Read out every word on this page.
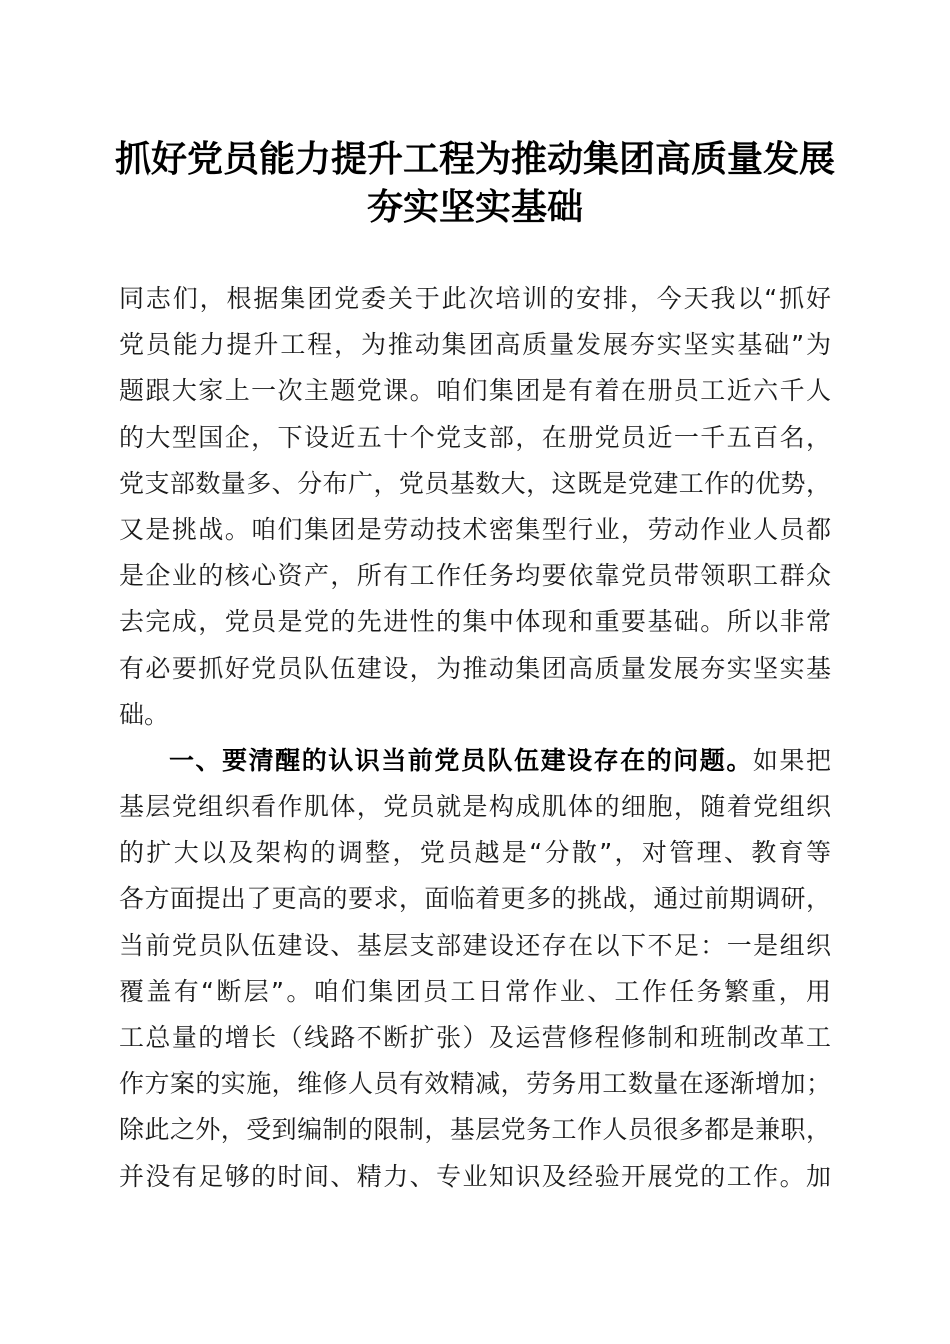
抓好党员能力提升工程为推动集团高质量发展
夯实坚实基础
同志们，根据集团党委关于此次培训的安排，今天我以“抓好
党员能力提升工程，为推动集团高质量发展夯实坚实基础”为
题跟大家上一次主题党课。咱们集团是有着在册员工近六千人
的大型国企，下设近五十个党支部，在册党员近一千五百名，
党支部数量多、分布广，党员基数大，这既是党建工作的优势，
又是挑战。咱们集团是劳动技术密集型行业，劳动作业人员都
是企业的核心资产，所有工作任务均要依靠党员带领职工群众
去完成，党员是党的先进性的集中体现和重要基础。所以非常
有必要抓好党员队伍建设，为推动集团高质量发展夯实坚实基
础。
一、要清醒的认识当前党员队伍建设存在的问题。如果把
基层党组织看作肌体，党员就是构成肌体的细胞，随着党组织
的扩大以及架构的调整，党员越是“分散”，对管理、教育等
各方面提出了更高的要求，面临着更多的挑战，通过前期调研，
当前党员队伍建设、基层支部建设还存在以下不足：一是组织
覆盖有“断层”。咱们集团员工日常作业、工作任务繁重，用
工总量的增长（线路不断扩张）及运营修程修制和班制改革工
作方案的实施，维修人员有效精减，劳务用工数量在逐渐增加；
除此之外，受到编制的限制，基层党务工作人员很多都是兼职，
并没有足够的时间、精力、专业知识及经验开展党的工作。加
